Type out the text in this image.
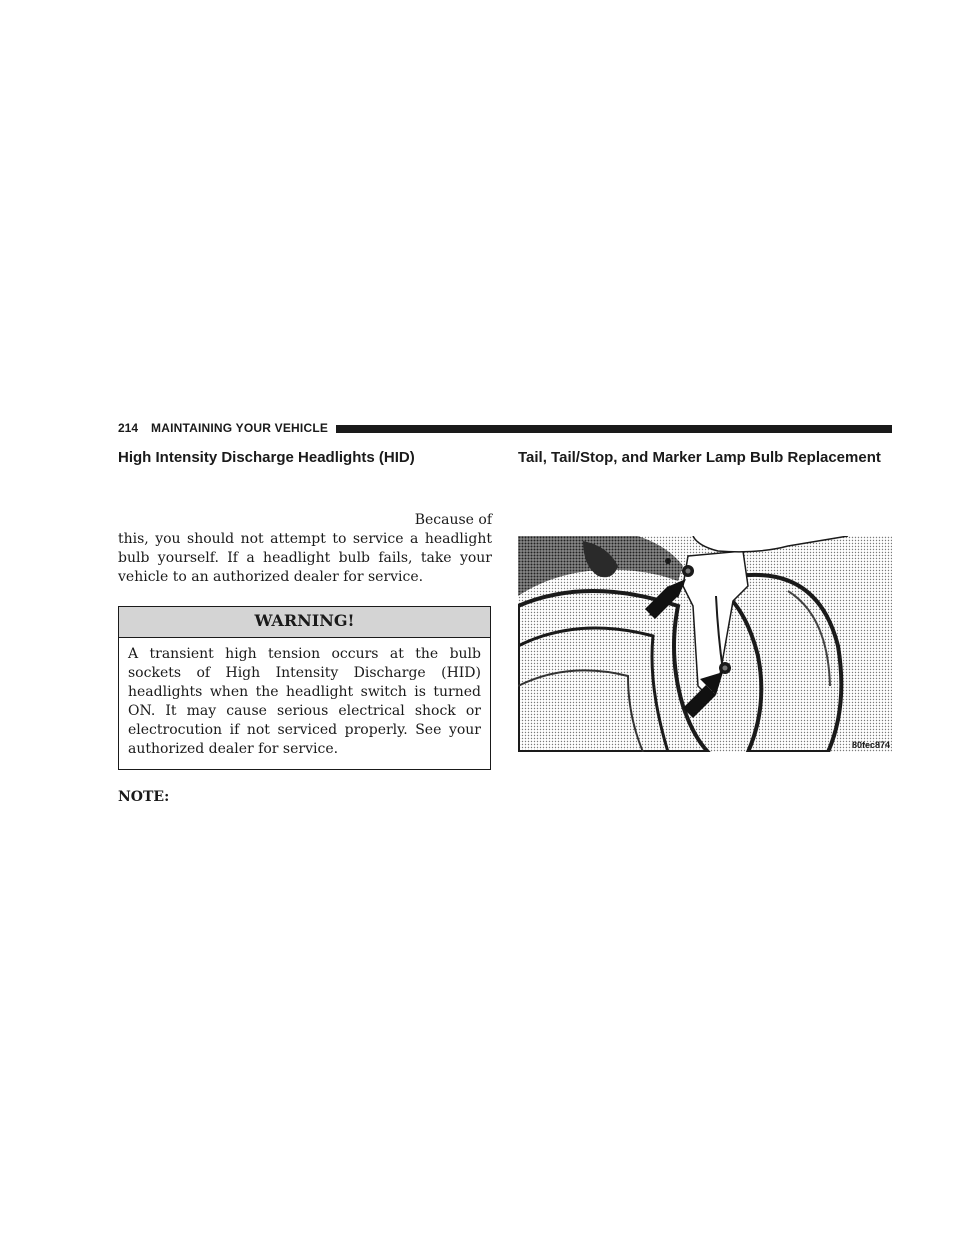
214 MAINTAINING YOUR VEHICLE
High Intensity Discharge Headlights (HID)

Because of

this, you should not attempt to service a headlight bulb yourself. If a headlight bulb fails, take your vehicle to an authorized dealer for service.

WARNING!
A transient high tension occurs at the bulb sockets of High Intensity Discharge (HID) headlights when the headlight switch is turned ON. It may cause serious electrical shock or electrocution if not serviced properly. See your authorized dealer for service.
NOTE:
Tail, Tail/Stop, and Marker Lamp Bulb Replacement
80fec874
